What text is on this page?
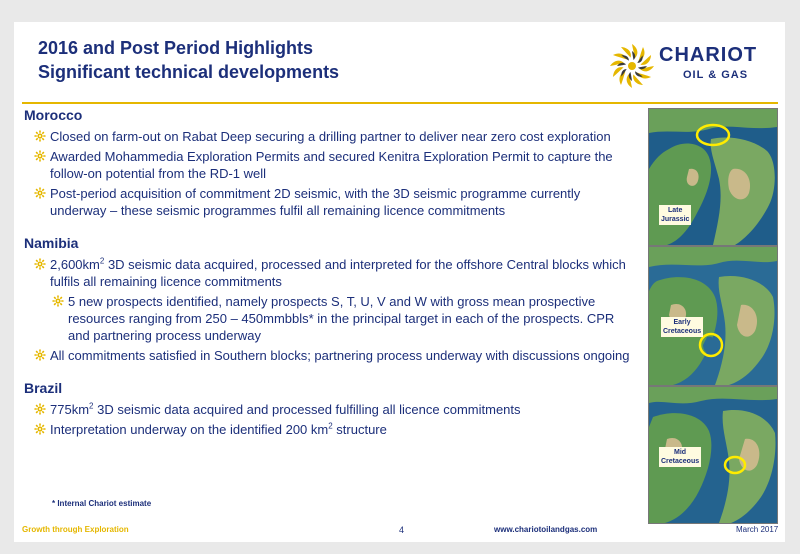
2016 and Post Period Highlights
Significant technical developments
CHARIOT
OIL & GAS
Morocco
Closed on farm-out on Rabat Deep securing a drilling partner to deliver near zero cost exploration
Awarded Mohammedia Exploration Permits and secured Kenitra Exploration Permit to capture the follow-on potential from the RD-1 well
Post-period acquisition of commitment 2D seismic, with the 3D seismic programme currently underway – these seismic programmes fulfil all remaining licence commitments
Namibia
$2,600km^2$ 3D seismic data acquired, processed and interpreted for the offshore Central blocks which fulfils all remaining licence commitments
5 new prospects identified, namely prospects S, T, U, V and W with gross mean prospective resources ranging from 250 – 450mmbbls* in the principal target in each of the prospects. CPR and partnering process underway
All commitments satisfied in Southern blocks; partnering process underway with discussions ongoing
Brazil
$775km^2$ 3D seismic data acquired and processed fulfilling all licence commitments
Interpretation underway on the identified 200 $km^2$ structure
* Internal Chariot estimate
Late
Jurassic
Early
Cretaceous
Mid
Cretaceous
Growth through Exploration	4	www.chariotoilandgas.com	March 2017
